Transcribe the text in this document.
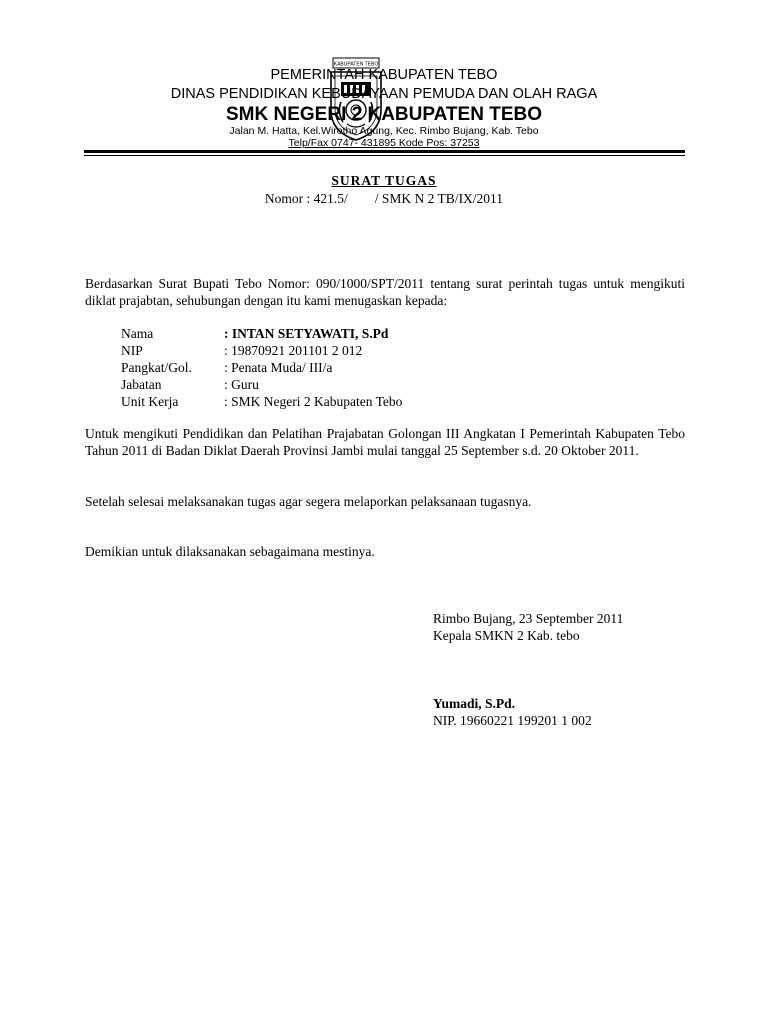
KABUPATEN TEBO
PEMERINTAH KABUPATEN TEBO
DINAS PENDIDIKAN KEBUDAYAAN PEMUDA DAN OLAH RAGA
SMK NEGERI 2 KABUPATEN TEBO
Jalan M. Hatta, Kel.Wirotho Agung, Kec. Rimbo Bujang, Kab. Tebo
Telp/Fax 0747- 431895 Kode Pos: 37253
SURAT TUGAS
Nomor : 421.5/        / SMK N 2 TB/IX/2011
Berdasarkan Surat Bupati Tebo Nomor: 090/1000/SPT/2011 tentang surat perintah tugas untuk mengikuti diklat prajabtan, sehubungan dengan itu kami menugaskan kepada:
Nama	: INTAN SETYAWATI, S.Pd
NIP	: 19870921 201101 2 012
Pangkat/Gol. : Penata Muda/ III/a
Jabatan	: Guru
Unit Kerja	: SMK Negeri 2 Kabupaten Tebo
Untuk mengikuti Pendidikan dan Pelatihan Prajabatan Golongan III Angkatan I Pemerintah Kabupaten Tebo Tahun 2011 di Badan Diklat Daerah Provinsi Jambi mulai tanggal 25 September s.d. 20 Oktober 2011.
Setelah selesai melaksanakan tugas agar segera melaporkan pelaksanaan tugasnya.
Demikian untuk dilaksanakan sebagaimana mestinya.
Rimbo Bujang, 23 September 2011
Kepala SMKN 2 Kab. tebo
Yumadi, S.Pd.
NIP. 19660221 199201 1 002
